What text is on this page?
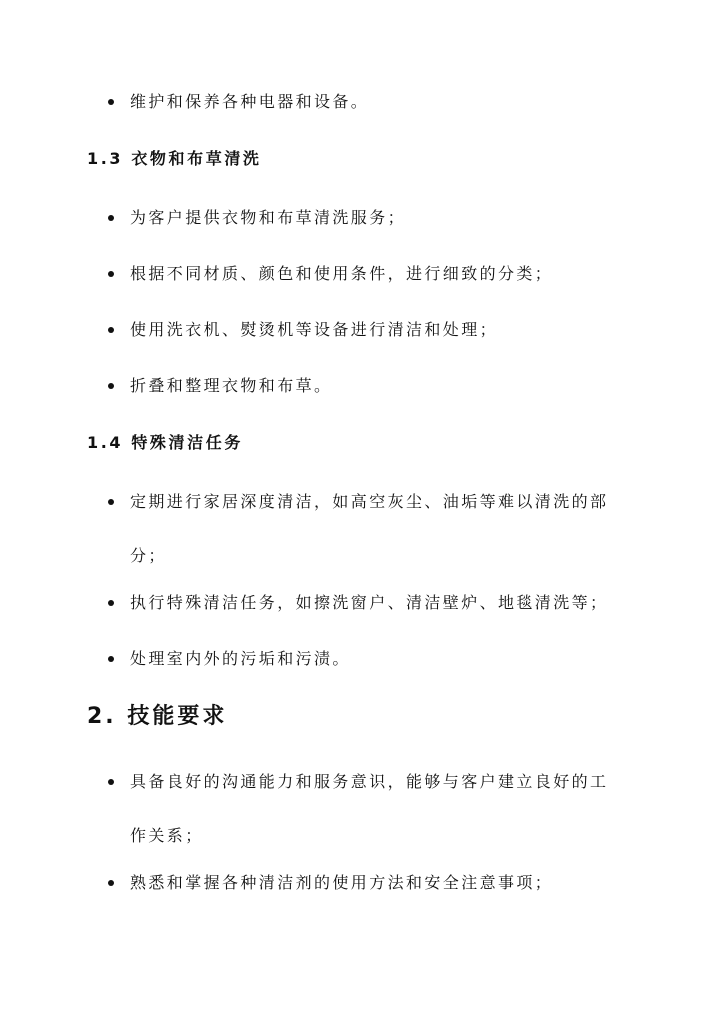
维护和保养各种电器和设备。
1.3 衣物和布草清洗
为客户提供衣物和布草清洗服务；
根据不同材质、颜色和使用条件，进行细致的分类；
使用洗衣机、熨烫机等设备进行清洁和处理；
折叠和整理衣物和布草。
1.4 特殊清洁任务
定期进行家居深度清洁，如高空灰尘、油垢等难以清洗的部分；
执行特殊清洁任务，如擦洗窗户、清洁壁炉、地毯清洗等；
处理室内外的污垢和污渍。
2. 技能要求
具备良好的沟通能力和服务意识，能够与客户建立良好的工作关系；
熟悉和掌握各种清洁剂的使用方法和安全注意事项；
